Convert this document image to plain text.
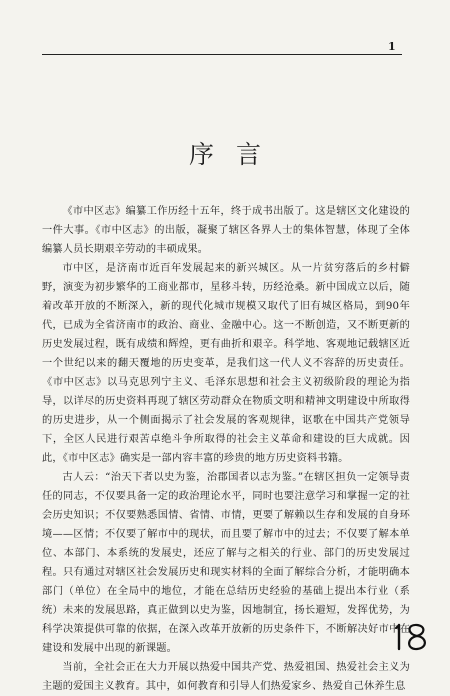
1
序言

《市中区志》编纂工作历经十五年，终于成书出版了。这是辖区文化建设的一件大事。《市中区志》的出版，凝聚了辖区各界人士的集体智慧，体现了全体编纂人员长期艰辛劳动的丰硕成果。

市中区，是济南市近百年发展起来的新兴城区。从一片贫穷落后的乡村僻野，演变为初步繁华的工商业都市，星移斗转，历经沧桑。新中国成立以后，随着改革开放的不断深入，新的现代化城市规模又取代了旧有城区格局，到90年代，已成为全省济南市的政治、商业、金融中心。这一不断创造，又不断更新的历史发展过程，既有成绩和辉煌，更有曲折和艰辛。科学地、客观地记载辖区近一个世纪以来的翻天覆地的历史变革，是我们这一代人义不容辞的历史责任。《市中区志》以马克思列宁主义、毛泽东思想和社会主义初级阶段的理论为指导，以详尽的历史资料再现了辖区劳动群众在物质文明和精神文明建设中所取得的历史进步，从一个侧面揭示了社会发展的客观规律，讴歌在中国共产党领导下，全区人民进行艰苦卓绝斗争所取得的社会主义革命和建设的巨大成就。因此，《市中区志》确实是一部内容丰富的珍贵的地方历史资料书籍。

古人云：“治天下者以史为鉴，治郡国者以志为鉴。”在辖区担负一定领导责任的同志，不仅要具备一定的政治理论水平，同时也要注意学习和掌握一定的社会历史知识；不仅要熟悉国情、省情、市情，更要了解赖以生存和发展的自身环境——区情；不仅要了解市中的现状，而且要了解市中的过去；不仅要了解本单位、本部门、本系统的发展史，还应了解与之相关的行业、部门的历史发展过程。只有通过对辖区社会发展历史和现实材料的全面了解综合分析，才能明确本部门（单位）在全局中的地位，才能在总结历史经验的基础上提出本行业（系统）未来的发展思路，真正做到以史为鉴，因地制宜，扬长避短，发挥优势，为科学决策提供可靠的依据，在深入改革开放新的历史条件下，不断解决好市中在建设和发展中出现的新课题。

当前，全社会正在大力开展以热爱中国共产党、热爱祖国、热爱社会主义为主题的爱国主义教育。其中，如何教育和引导人们热爱家乡、热爱自己休养生息
